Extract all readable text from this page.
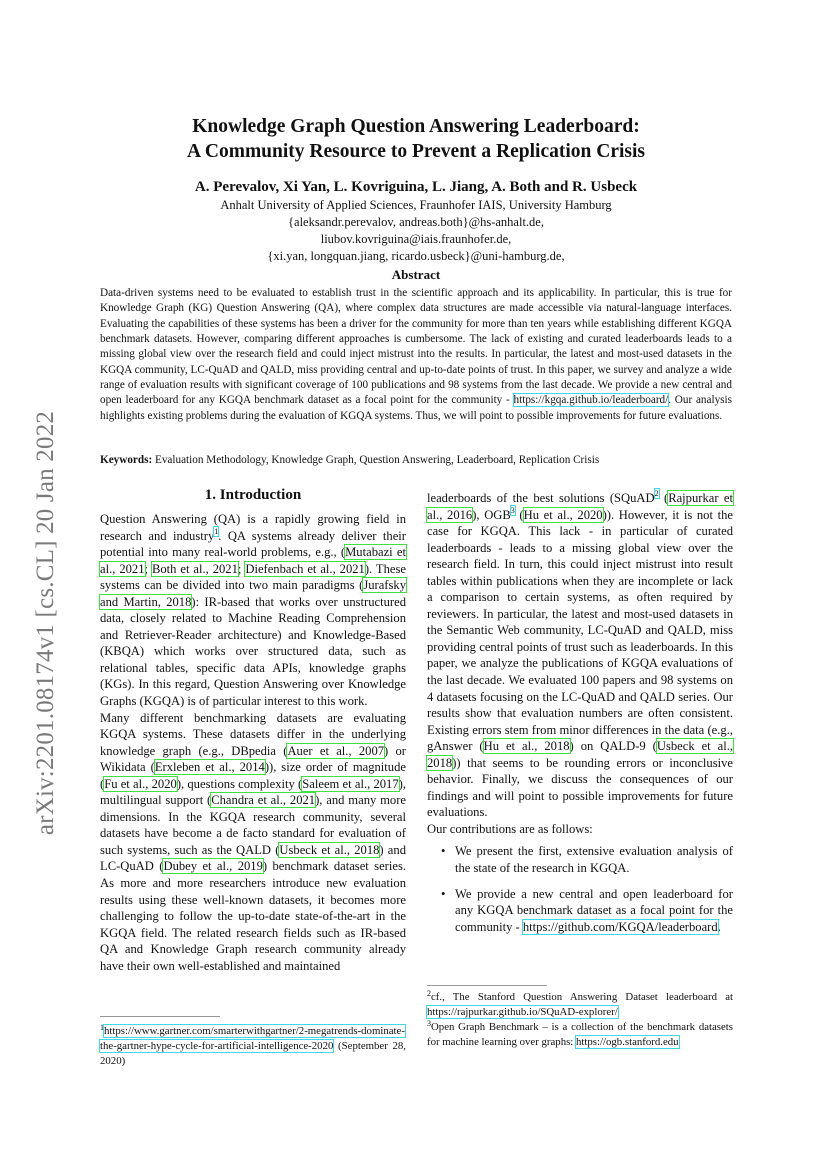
arXiv:2201.08174v1 [cs.CL] 20 Jan 2022
Knowledge Graph Question Answering Leaderboard:
A Community Resource to Prevent a Replication Crisis
A. Perevalov, Xi Yan, L. Kovriguina, L. Jiang, A. Both and R. Usbeck
Anhalt University of Applied Sciences, Fraunhofer IAIS, University Hamburg
{aleksandr.perevalov, andreas.both}@hs-anhalt.de,
liubov.kovriguina@iais.fraunhofer.de,
{xi.yan, longquan.jiang, ricardo.usbeck}@uni-hamburg.de,
Abstract
Data-driven systems need to be evaluated to establish trust in the scientific approach and its applicability. In particular, this is true for Knowledge Graph (KG) Question Answering (QA), where complex data structures are made accessible via natural-language interfaces. Evaluating the capabilities of these systems has been a driver for the community for more than ten years while establishing different KGQA benchmark datasets. However, comparing different approaches is cumbersome. The lack of existing and curated leaderboards leads to a missing global view over the research field and could inject mistrust into the results. In particular, the latest and most-used datasets in the KGQA community, LC-QuAD and QALD, miss providing central and up-to-date points of trust. In this paper, we survey and analyze a wide range of evaluation results with significant coverage of 100 publications and 98 systems from the last decade. We provide a new central and open leaderboard for any KGQA benchmark dataset as a focal point for the community - https://kgqa.github.io/leaderboard/. Our analysis highlights existing problems during the evaluation of KGQA systems. Thus, we will point to possible improvements for future evaluations.
Keywords: Evaluation Methodology, Knowledge Graph, Question Answering, Leaderboard, Replication Crisis
1. Introduction
Question Answering (QA) is a rapidly growing field in research and industry$^1$. QA systems already deliver their potential into many real-world problems, e.g., (Mutabazi et al., 2021; Both et al., 2021; Diefenbach et al., 2021). These systems can be divided into two main paradigms (Jurafsky and Martin, 2018): IR-based that works over unstructured data, closely related to Machine Reading Comprehension and Retriever-Reader architecture) and Knowledge-Based (KBQA) which works over structured data, such as relational tables, specific data APIs, knowledge graphs (KGs). In this regard, Question Answering over Knowledge Graphs (KGQA) is of particular interest to this work.
Many different benchmarking datasets are evaluating KGQA systems. These datasets differ in the underlying knowledge graph (e.g., DBpedia (Auer et al., 2007) or Wikidata (Erxleben et al., 2014)), size order of magnitude (Fu et al., 2020), questions complexity (Saleem et al., 2017), multilingual support (Chandra et al., 2021), and many more dimensions. In the KGQA research community, several datasets have become a de facto standard for evaluation of such systems, such as the QALD (Usbeck et al., 2018) and LC-QuAD (Dubey et al., 2019) benchmark dataset series. As more and more researchers introduce new evaluation results using these well-known datasets, it becomes more challenging to follow the up-to-date state-of-the-art in the KGQA field. The related research fields such as IR-based QA and Knowledge Graph research community already have their own well-established and maintained
leaderboards of the best solutions (SQuAD$^2$ (Rajpurkar et al., 2016), OGB$^3$ (Hu et al., 2020)). However, it is not the case for KGQA. This lack - in particular of curated leaderboards - leads to a missing global view over the research field. In turn, this could inject mistrust into result tables within publications when they are incomplete or lack a comparison to certain systems, as often required by reviewers. In particular, the latest and most-used datasets in the Semantic Web community, LC-QuAD and QALD, miss providing central points of trust such as leaderboards. In this paper, we analyze the publications of KGQA evaluations of the last decade. We evaluated 100 papers and 98 systems on 4 datasets focusing on the LC-QuAD and QALD series. Our results show that evaluation numbers are often consistent. Existing errors stem from minor differences in the data (e.g., gAnswer (Hu et al., 2018) on QALD-9 (Usbeck et al., 2018)) that seems to be rounding errors or inconclusive behavior. Finally, we discuss the consequences of our findings and will point to possible improvements for future evaluations.
Our contributions are as follows:
• We present the first, extensive evaluation analysis of the state of the research in KGQA.
• We provide a new central and open leaderboard for any KGQA benchmark dataset as a focal point for the community - https://github.com/KGQA/leaderboard.
$^1$https://www.gartner.com/smarterwithgartner/2-megatrends-dominate-the-gartner-hype-cycle-for-artificial-intelligence-2020 (September 28, 2020)
$^2$cf., The Stanford Question Answering Dataset leaderboard at https://rajpurkar.github.io/SQuAD-explorer/
$^3$Open Graph Benchmark – is a collection of the benchmark datasets for machine learning over graphs: https://ogb.stanford.edu
